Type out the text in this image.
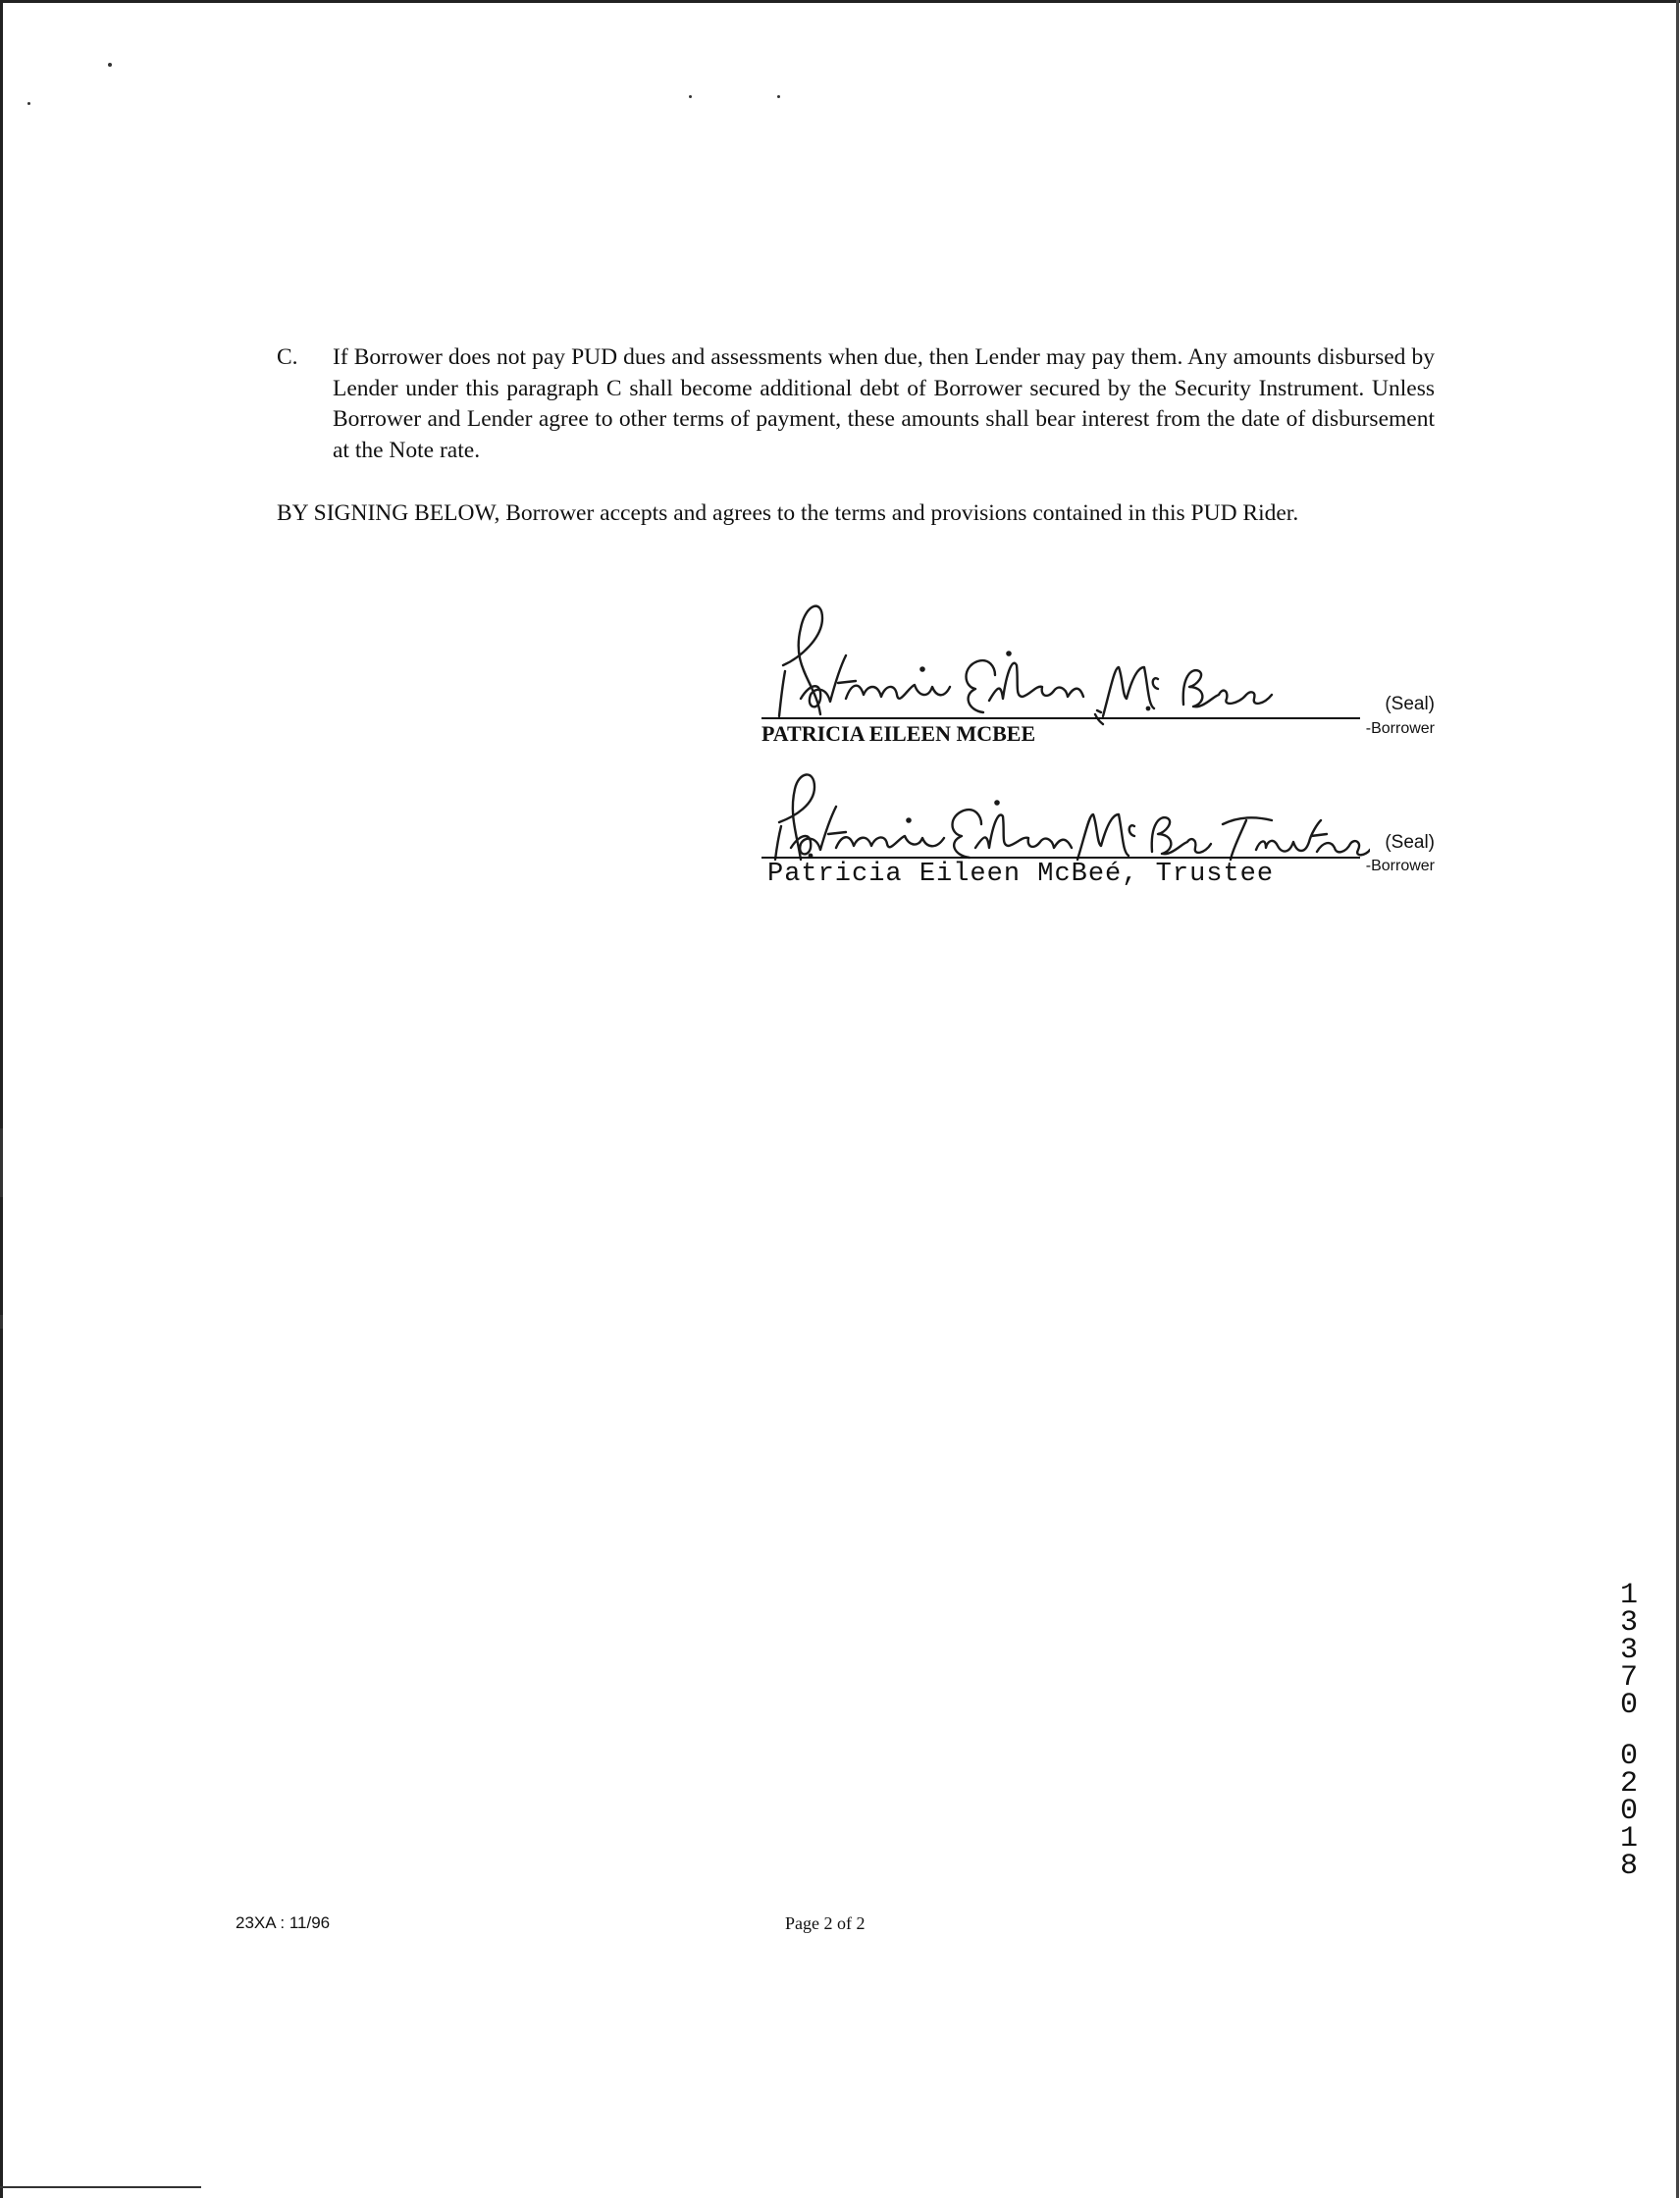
C. If Borrower does not pay PUD dues and assessments when due, then Lender may pay them. Any amounts disbursed by Lender under this paragraph C shall become additional debt of Borrower secured by the Security Instrument. Unless Borrower and Lender agree to other terms of payment, these amounts shall bear interest from the date of disbursement at the Note rate.
BY SIGNING BELOW, Borrower accepts and agrees to the terms and provisions contained in this PUD Rider.
(Seal)
-Borrower
PATRICIA EILEEN MCBEE
(Seal)
-Borrower
Patricia Eileen McBeé, Trustee
1
3
3
7
0
0
2
0
1
8
23XA : 11/96	Page 2 of 2
